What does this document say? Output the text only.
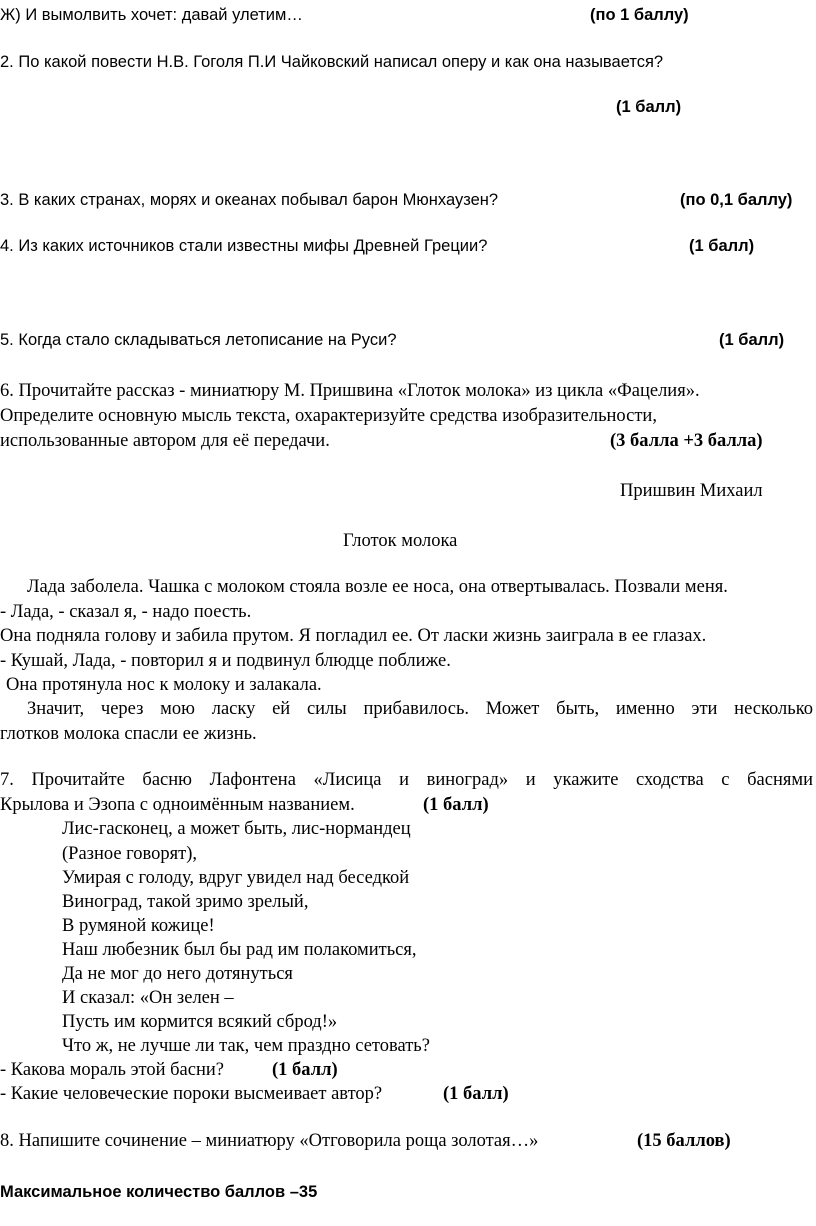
Ж) И вымолвить хочет: давай улетим…	(по 1 баллу)
2. По какой повести Н.В. Гоголя П.И Чайковский написал оперу и как она называется?
(1 балл)
3. В каких странах, морях и океанах побывал барон Мюнхаузен?	(по 0,1 баллу)
4. Из каких источников стали известны мифы Древней Греции?	(1 балл)
5. Когда стало складываться летописание на Руси?	(1 балл)
6. Прочитайте рассказ - миниатюру М. Пришвина «Глоток молока» из цикла «Фацелия».
Определите основную мысль текста, охарактеризуйте средства изобразительности,
использованные автором для её передачи.	(3 балла +3 балла)
Пришвин Михаил
Глоток молока
Лада заболела. Чашка с молоком стояла возле ее носа, она отвертывалась. Позвали меня.
- Лада, - сказал я, - надо поесть.
Она подняла голову и забила прутом. Я погладил ее. От ласки жизнь заиграла в ее глазах.
- Кушай, Лада, - повторил я и подвинул блюдце поближе.
Она протянула нос к молоку и залакала.
Значит, через мою ласку ей силы прибавилось. Может быть, именно эти несколько
глотков молока спасли ее жизнь.
7. Прочитайте басню Лафонтена «Лисица и виноград» и укажите сходства с баснями
Крылова и Эзопа с одноимённым названием.	(1 балл)
Лис-гасконец, а может быть, лис-нормандец
(Разное говорят),
Умирая с голоду, вдруг увидел над беседкой
Виноград, такой зримо зрелый,
В румяной кожице!
Наш любезник был бы рад им полакомиться,
Да не мог до него дотянуться
И сказал: «Он зелен –
Пусть им кормится всякий сброд!»
Что ж, не лучше ли так, чем праздно сетовать?
- Какова мораль этой басни?	(1 балл)
- Какие человеческие пороки высмеивает автор?	(1 балл)
8. Напишите сочинение – миниатюру «Отговорила роща золотая…»	(15 баллов)
Максимальное количество баллов –35
